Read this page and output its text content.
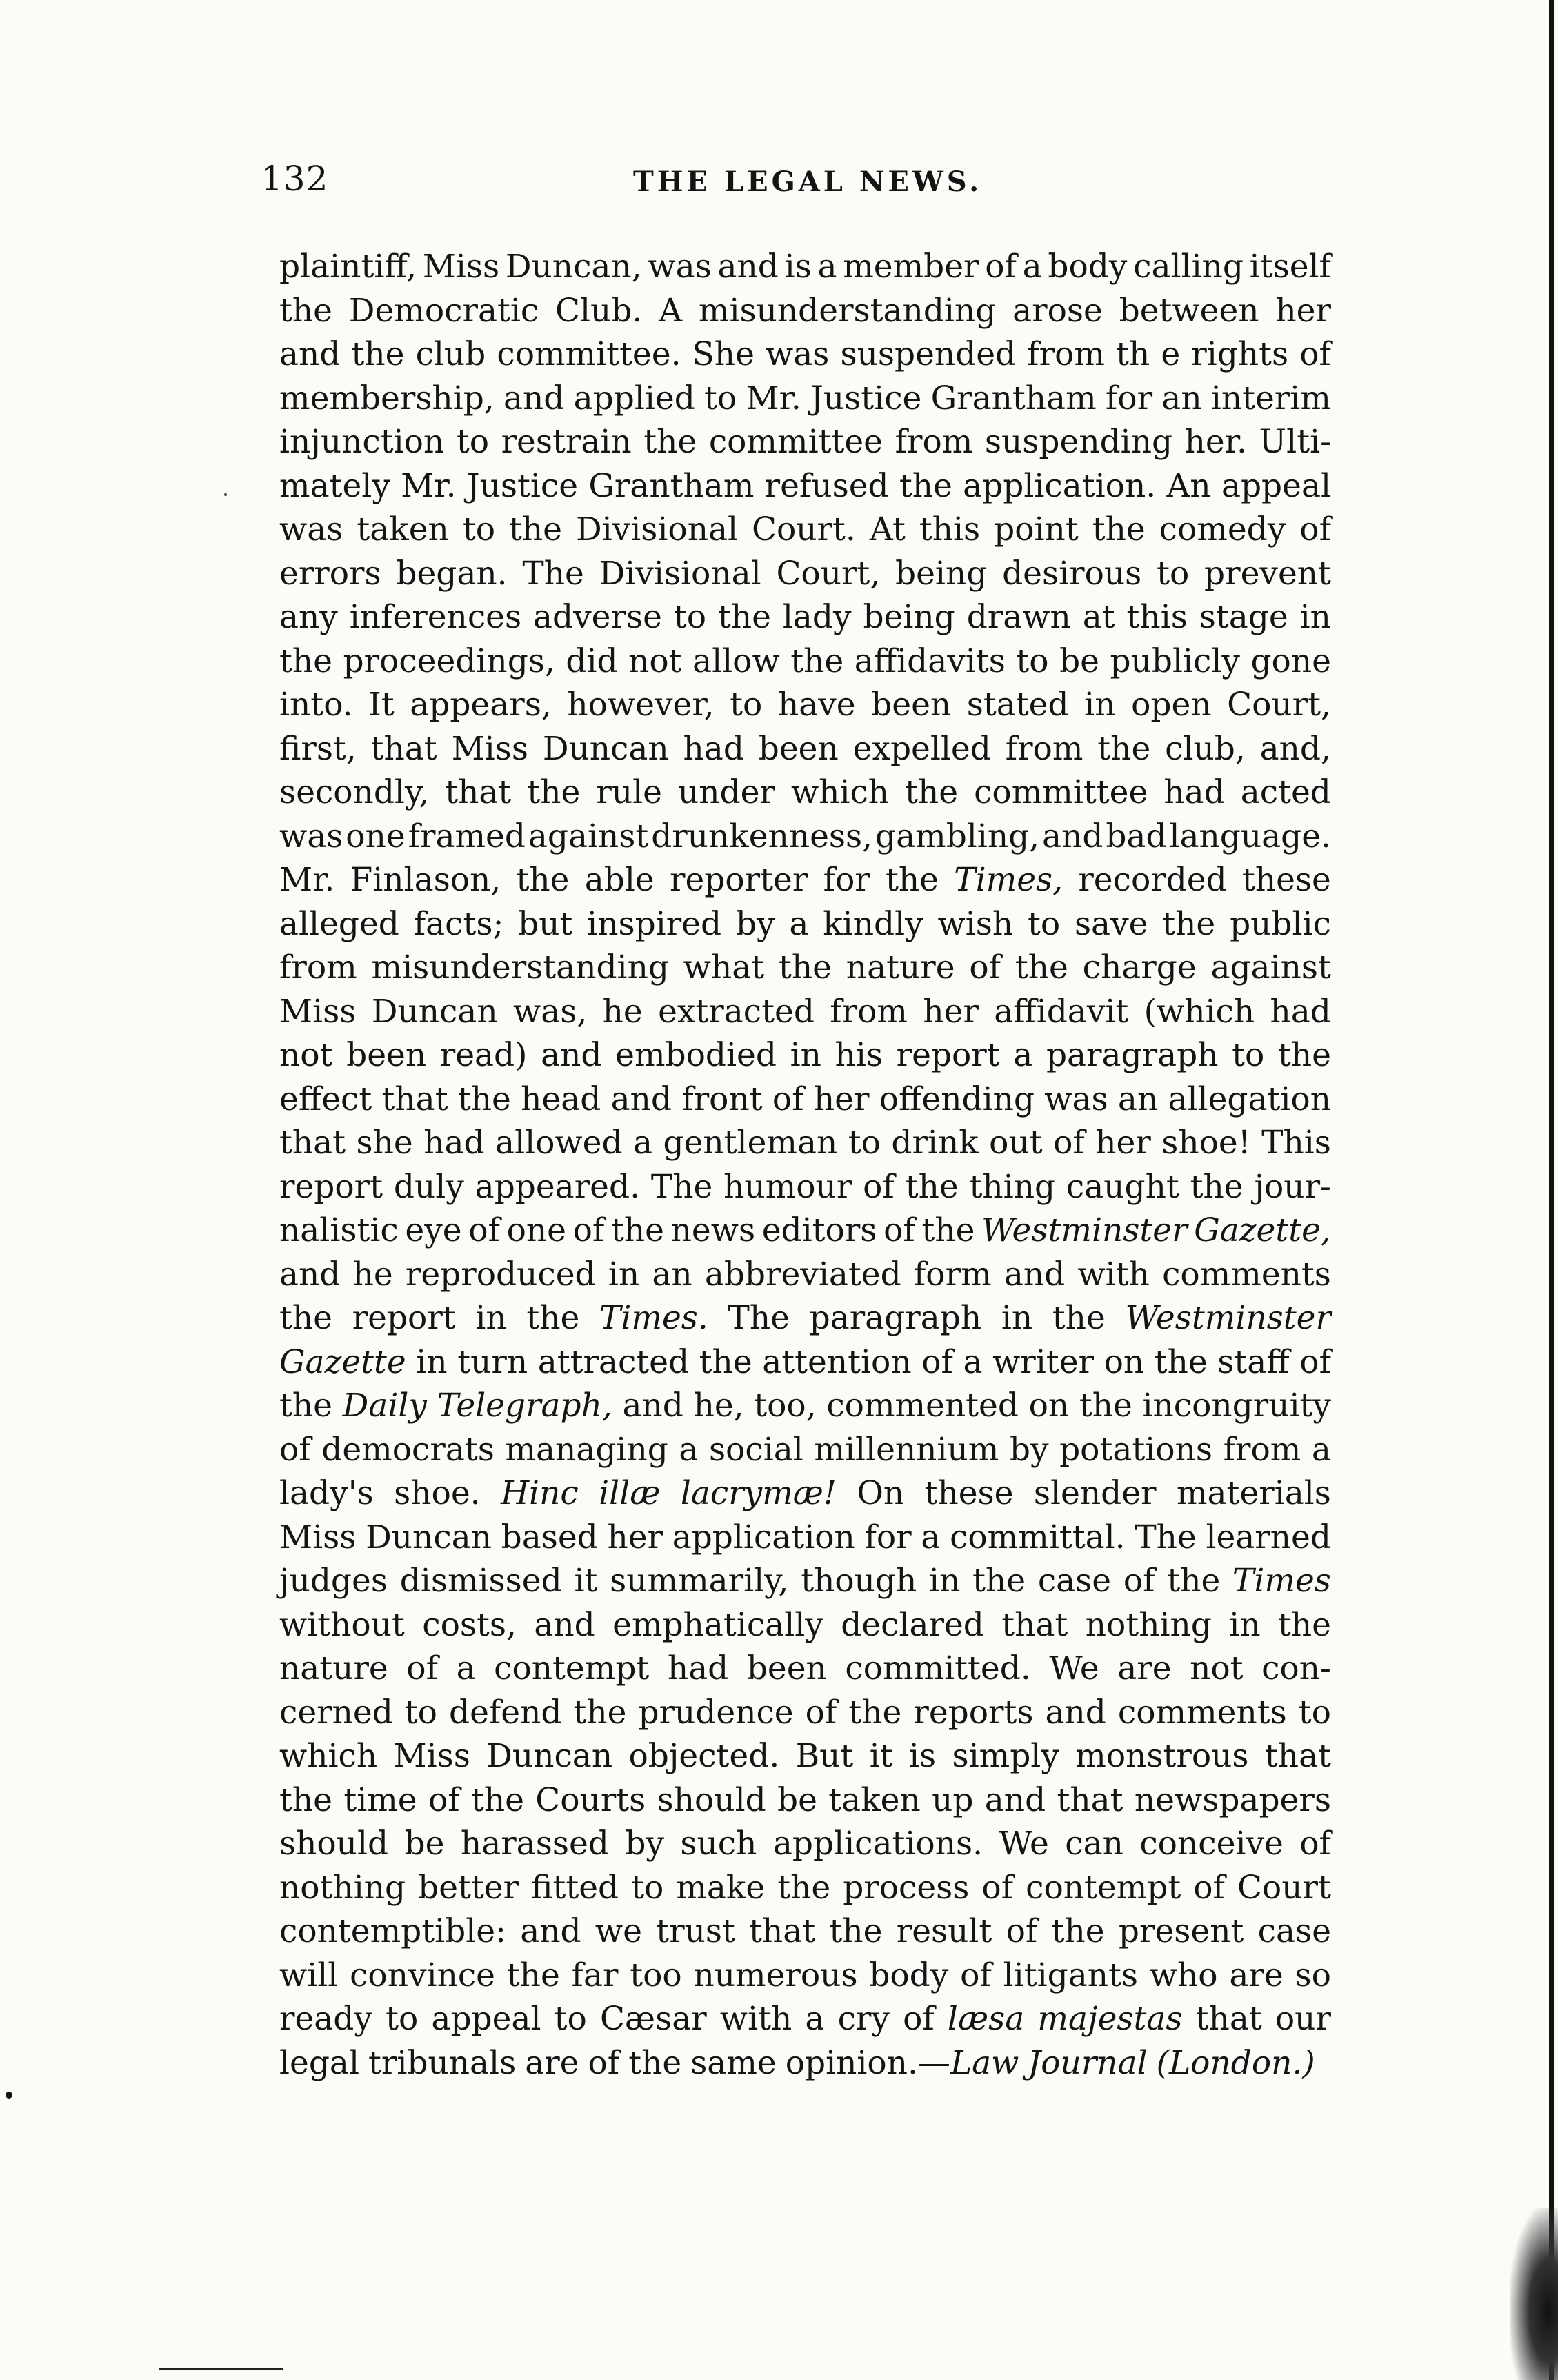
132	THE LEGAL NEWS.
plaintiff, Miss Duncan, was and is a member of a body calling itself
the Democratic Club. A misunderstanding arose between her
and the club committee. She was suspended from th e rights of
membership, and applied to Mr. Justice Grantham for an interim
injunction to restrain the committee from suspending her. Ulti-
mately Mr. Justice Grantham refused the application. An appeal
was taken to the Divisional Court. At this point the comedy of
errors began. The Divisional Court, being desirous to prevent
any inferences adverse to the lady being drawn at this stage in
the proceedings, did not allow the affidavits to be publicly gone
into. It appears, however, to have been stated in open Court,
first, that Miss Duncan had been expelled from the club, and,
secondly, that the rule under which the committee had acted
was one framed against drunkenness, gambling, and bad language.
Mr. Finlason, the able reporter for the Times, recorded these
alleged facts; but inspired by a kindly wish to save the public
from misunderstanding what the nature of the charge against
Miss Duncan was, he extracted from her affidavit (which had
not been read) and embodied in his report a paragraph to the
effect that the head and front of her offending was an allegation
that she had allowed a gentleman to drink out of her shoe! This
report duly appeared. The humour of the thing caught the jour-
nalistic eye of one of the news editors of the Westminster Gazette,
and he reproduced in an abbreviated form and with comments
the report in the Times. The paragraph in the Westminster
Gazette in turn attracted the attention of a writer on the staff of
the Daily Telegraph, and he, too, commented on the incongruity
of democrats managing a social millennium by potations from a
lady's shoe. Hinc illæ lacrymæ! On these slender materials
Miss Duncan based her application for a committal. The learned
judges dismissed it summarily, though in the case of the Times
without costs, and emphatically declared that nothing in the
nature of a contempt had been committed. We are not con-
cerned to defend the prudence of the reports and comments to
which Miss Duncan objected. But it is simply monstrous that
the time of the Courts should be taken up and that newspapers
should be harassed by such applications. We can conceive of
nothing better fitted to make the process of contempt of Court
contemptible: and we trust that the result of the present case
will convince the far too numerous body of litigants who are so
ready to appeal to Cæsar with a cry of læsa majestas that our
legal tribunals are of the same opinion.—Law Journal (London.)
